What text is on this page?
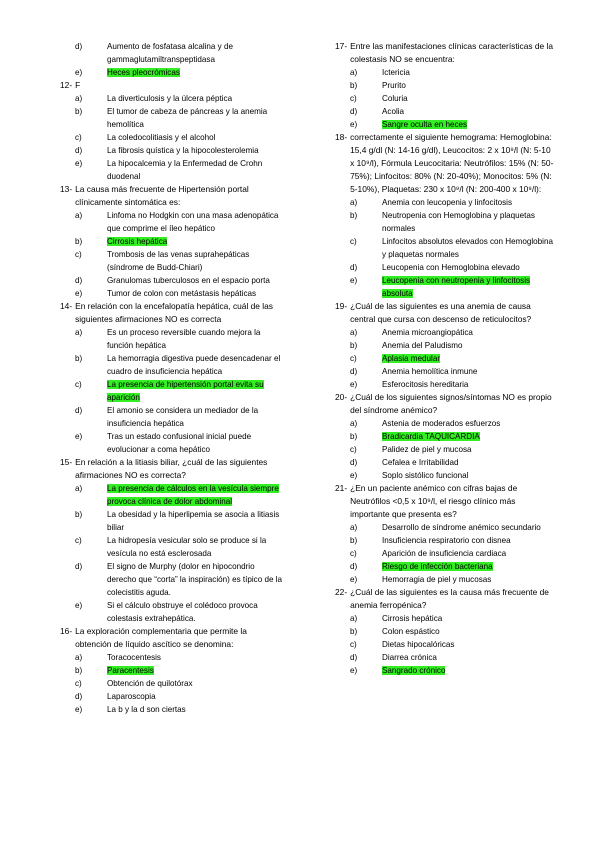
d)	Aumento de fosfatasa alcalina y de gammaglutamiltranspeptidasa
e)	Heces pleocrómicas
12- F
a)	La diverticulosis y la úlcera péptica
b)	El tumor de cabeza de páncreas y la anemia hemolítica
c)	La coledocolitiasis y el alcohol
d)	La fibrosis quística y la hipocolesterolemia
e)	La hipocalcemia y la Enfermedad de Crohn duodenal
13- La causa más frecuente de Hipertensión portal clínicamente sintomática es:
a)	Linfoma no Hodgkin con una masa adenopática que comprime el íleo hepático
b)	Cirrosis hepática
c)	Trombosis de las venas suprahepáticas (síndrome de Budd-Chiari)
d)	Granulomas tuberculosos en el espacio porta
e)	Tumor de colon con metástasis hepáticas
14- En relación con la encefalopatía hepática, cuál de las siguientes afirmaciones NO es correcta
a)	Es un proceso reversible cuando mejora la función hepática
b)	La hemorragia digestiva puede desencadenar el cuadro de insuficiencia hepática
c)	La presencia de hipertensión portal evita su aparición
d)	El amonio se considera un mediador de la insuficiencia hepática
e)	Tras un estado confusional inicial puede evolucionar a coma hepático
15- En relación a la litiasis biliar, ¿cuál de las siguientes afirmaciones NO es correcta?
a)	La presencia de cálculos en la vesícula siempre provoca clínica de dolor abdominal
b)	La obesidad y la hiperlipemia se asocia a litiasis biliar
c)	La hidropesía vesicular solo se produce si la vesícula no está esclerosada
d)	El signo de Murphy (dolor en hipocondrio derecho que “corta” la inspiración) es típico de la colecistitis aguda.
e)	Si el cálculo obstruye el colédoco provoca colestasis extrahepática.
16- La exploración complementaria que permite la obtención de líquido ascítico se denomina:
a)	Toracocentesis
b)	Paracentesis
c)	Obtención de quilotórax
d)	Laparoscopia
e)	La b y la d son ciertas
17- Entre las manifestaciones clínicas características de la colestasis NO se encuentra:
a)	Ictericia
b)	Prurito
c)	Coluria
d)	Acolia
e)	Sangre oculta en heces
18- correctamente el siguiente hemograma: Hemoglobina: 15,4 g/dl (N: 14-16 g/dl), Leucocitos: 2 x 10⁹/l (N: 5-10 x 10⁹/l), Fórmula Leucocitaria: Neutrófilos: 15% (N: 50-75%); Linfocitos: 80% (N: 20-40%); Monocitos: 5% (N: 5-10%), Plaquetas: 230 x 10⁹/l (N: 200-400 x 10⁹/l):
a)	Anemia con leucopenia y linfocitosis
b)	Neutropenia con Hemoglobina y plaquetas normales
c)	Linfocitos absolutos elevados con Hemoglobina y plaquetas normales
d)	Leucopenia con Hemoglobina elevado
e)	Leucopenia con neutropenia y linfocitosis absoluta
19- ¿Cuál de las siguientes es una anemia de causa central que cursa con descenso de reticulocitos?
a)	Anemia microangiopática
b)	Anemia del Paludismo
c)	Aplasia medular
d)	Anemia hemolítica inmune
e)	Esferocitosis hereditaria
20- ¿Cuál de los siguientes signos/síntomas NO es propio del síndrome anémico?
a)	Astenia de moderados esfuerzos
b)	Bradicardia TAQUICARDIA
c)	Palidez de piel y mucosa
d)	Cefalea e Irritabilidad
e)	Soplo sistólico funcional
21- ¿En un paciente anémico con cifras bajas de Neutrófilos <0,5 x 10⁹/l, el riesgo clínico más importante que presenta es?
a)	Desarrollo de síndrome anémico secundario
b)	Insuficiencia respiratorio con disnea
c)	Aparición de insuficiencia cardiaca
d)	Riesgo de infección bacteriana
e)	Hemorragia de piel y mucosas
22- ¿Cuál de las siguientes es la causa más frecuente de anemia ferropénica?
a)	Cirrosis hepática
b)	Colon espástico
c)	Dietas hipocalóricas
d)	Diarrea crónica
e)	Sangrado crónico
